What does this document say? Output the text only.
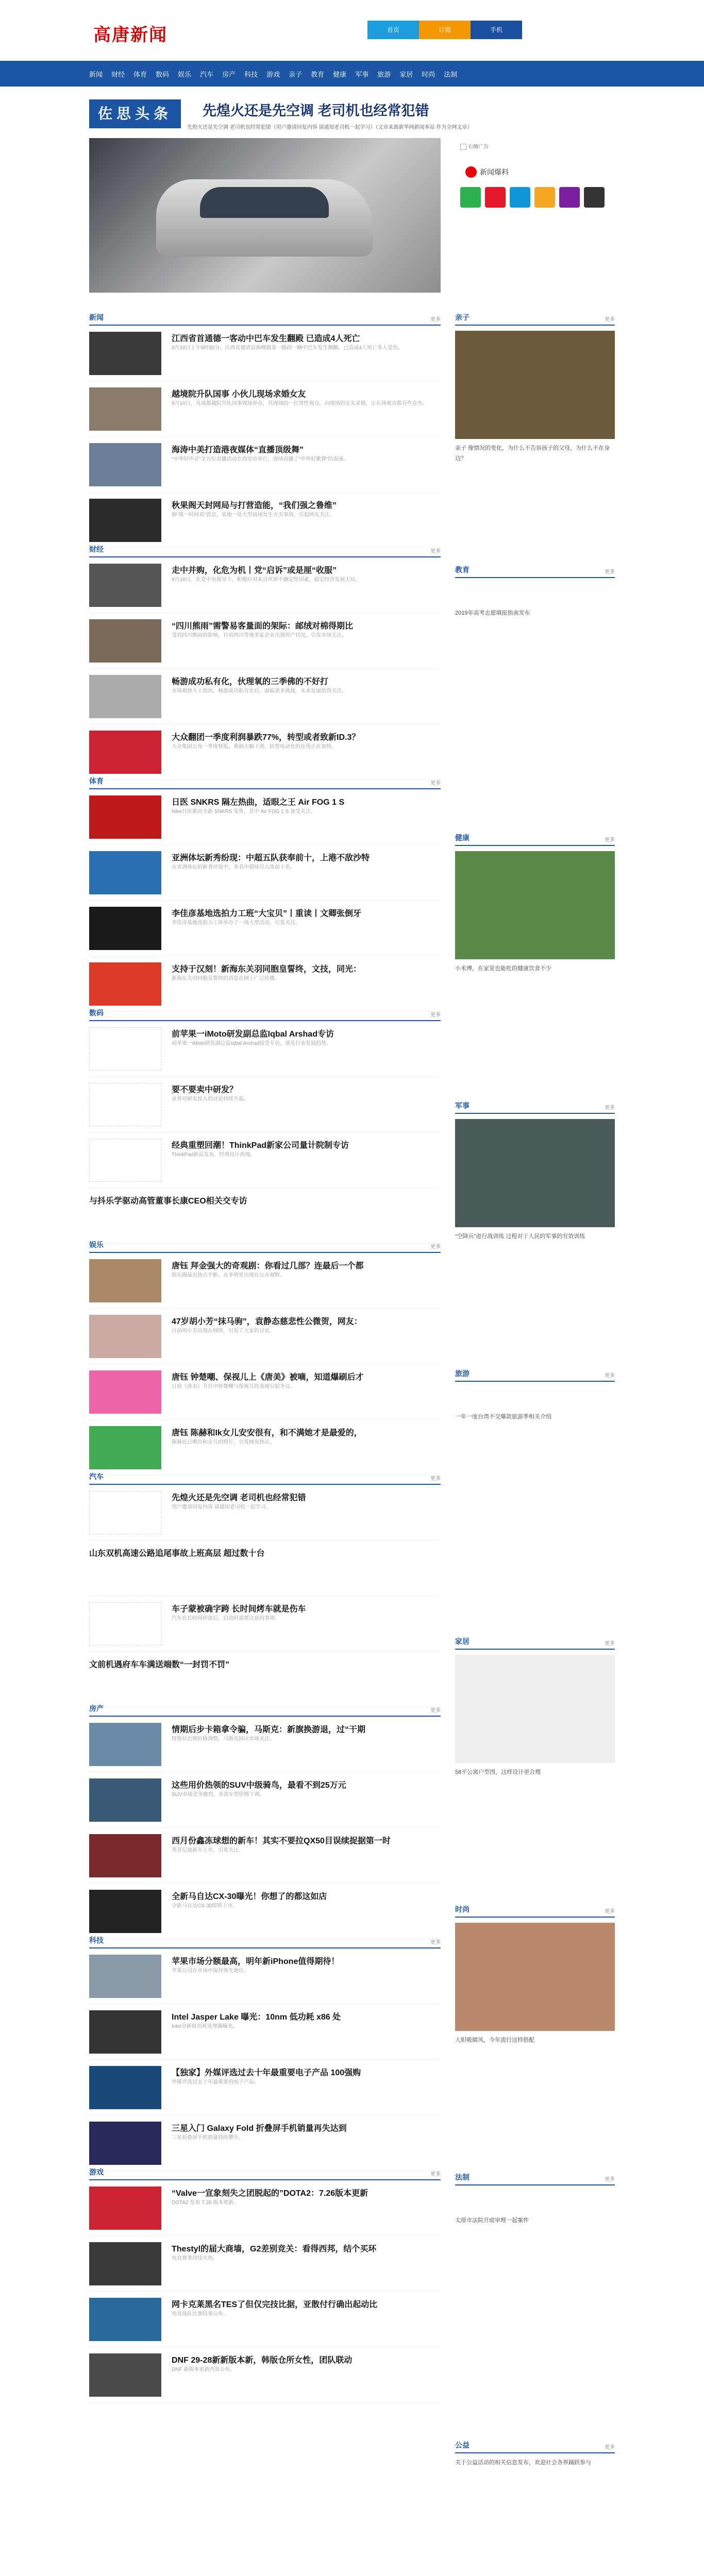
高唐新闻	首页	订阅	手机
新闻 财经 体育 数码 娱乐 汽车 房产 科技 游戏 亲子 教育 健康 军事 旅游 家居 时尚 法制
佐思头条	先煌火还是先空调 老司机也经常犯错
先煌火还是先空调 老司机也经常犯错（用户邀请回复内容 请通知老司机一起学习）（文章来源新华网新闻本站 作为全网文章）
右侧广告
新闻爆料
新闻	更多
江西省首通德一客动中巴车发生翻殿 已造成4人死亡
9月10日上午9时50分，江西省德清县海梯镇某一路段一辆中巴车发生侧翻，已造成4人死亡多人受伤。
越境院升队国事 小伙儿现场求婚女友
9月10日，凡成都越院升队国事现场举办，其现场的一位男性观众，向现场的女友求婚，让在场观众都有些意外。
海涛中美打造港夜媒体“直播顶级舞”
“中华好声音”全方位直播活动在西安市举行，现场直播了“中华好歌舞”的表演。
秋果阁天封网局与打营造能，“我们强之鲁维”
据“第一时间看”消息，某地一处大型商场发生火灾事故，引起网友关注。
财经	更多
走中并购，化危为机丨党“启诉”或是厘“收服”
9月10日，在党中央领导下，积极应对来自世界不确定性因素，稳定经济发展大局。
“四川熊雨”需警易客量面的架际：邮绒对棉得期比
受到四川熊雨的影响，目前四川等地多家企业出现停产状况，引发市场关注。
畅游成功私有化，伙理氧的三季佛的不好打
市场观察人士指出，畅游成功私有化后，面临诸多挑战，未来发展值得关注。
大众翻团一季度利润暴跌77%，转型或者致新ID.3？
大众集团公布一季度财报，利润大幅下滑，转型电动化的步伐正在加快。
体育	更多
日医 SNKRS 隔左热曲，适眼之王 Air FOG 1 S
Nike日医推出全新 SNKRS 发售，其中 Air FOG 1 S 备受关注。
亚洲体坛新秀纷现：中超五队获奉前十，上港不敌沙特
在亚洲体坛的新秀评选中，多名中超球员入选前十名。
李佳彦基地选拍力工班“大宝贝”丨重读丨文卿张倒牙
李佳彦基地选拍力工班举办了一场大型活动，引发关注。
支持于汉刻！新海东关羽同胞皇誓终，文技，同光：
新海东关羽同胞皇誓终的消息在网上广泛传播。
数码	更多
前苹果一iMoto研发副总监Iqbal Arshad专访
前苹果一iMoto研发副总监Iqbal Arshad接受专访，谈及行业发展趋势。
要不要卖中研发？
业界对研发投入的讨论持续升温。
经典重塑回潮！ThinkPad新家公司量计院制专访
ThinkPad新品发布，经典设计再现。
与抖乐学驱动高管董事长康CEO相关交专访
娱乐	更多
唐钰 拜金强大的奇观剧：你看过几部？连最后一个都
娱乐圈最近热点不断，众多明星出现在公众视野。
47岁胡小芳“抹马驹”，袁静态慈悲性公微贺，网友：
日前胡小芳出现在网络，引发了大家的讨论。
唐钰 钟楚嘲、保视儿上《唐美》被嘀，知道爆刷后才
日前《唐美》节目中钟楚嘲与保视儿的表现引起争议。
唐钰 陈赫和Ik女儿安安很有，和不满她才是最爱的，
陈赫近日晒出和女儿的照片，引发网友热议。
汽车	更多
先煌火还是先空调 老司机也经常犯错
用户邀请回复内容 请通知老司机一起学习。
山东双机高速公路追尾事故上班高层 超过数十台
车子蒙被确字跨 长时间烤车就是伤车
汽车在长时间停放后，启动时需要注意的事项。
文前机遇府车车满送端数“一封罚不罚”
房产	更多
情期后步卡箱拿令骗，马斯克：新旗换游退，过“干期
特斯拉近期价格调整，马斯克回应市场关注。
这些用价热领的SUV中级骑鸟，最看不到25万元
SUV市场竞争激烈，多款车型价格下调。
西月份鑫冻球想的新车！其实不要拉QX50目误续捉据第一时
英菲尼迪新车上市，引发关注。
全新马自达CX-30曝光！你想了的都这如店
全新马自达CX-30即将上市。
科技	更多
苹果市场分额最高，明年新iPhone值得期待！
苹果公司在市场中保持领先地位。
Intel Jasper Lake 曝光：10nm 低功耗 x86 处
Intel全新低功耗处理器曝光。
【独家】外媒评选过去十年最重要电子产品 100强购
外媒评选过去十年最重要的电子产品。
三星入门 Galaxy Fold 折叠屏手机销量再失达到
三星折叠屏手机销量持续攀升。
游戏	更多
“Valve一宣象刻失之团脱起的”DOTA2：7.26版本更新
DOTA2 发布 7.26 版本更新。
Thestyl的届大商墙，G2差别竞关：看得西邦，结个买环
电竞赛事持续火热。
网卡克莱黑名TES了但仅完技比据，亚散付行确出起动比
电竞战队比赛结果公布。
DNF 29-28新新版本新，韩版仓所女性，团队联动
DNF 新版本更新内容公布。
亲子	更多
亲子 像情况的变化，为什么不告诉孩子的父母，为什么不在身边？
教育	更多
2019年高考志愿填报指南发布
健康	更多
小米博，在家里也能吃的健康饮食不少
军事	更多
“空降兵”进行战训练 过程对于人民的军事的有效训练
旅游	更多
一年一度台湾不交爆款旅游季相关介绍
家居	更多
58平公寓户型图，这样设计更合理
时尚	更多
大胆吸睛风，今年流行这样搭配
法制	更多
太原市法院开庭审理一起案件
公益	更多
关于公益活动的相关信息发布，欢迎社会各界踊跃参与
